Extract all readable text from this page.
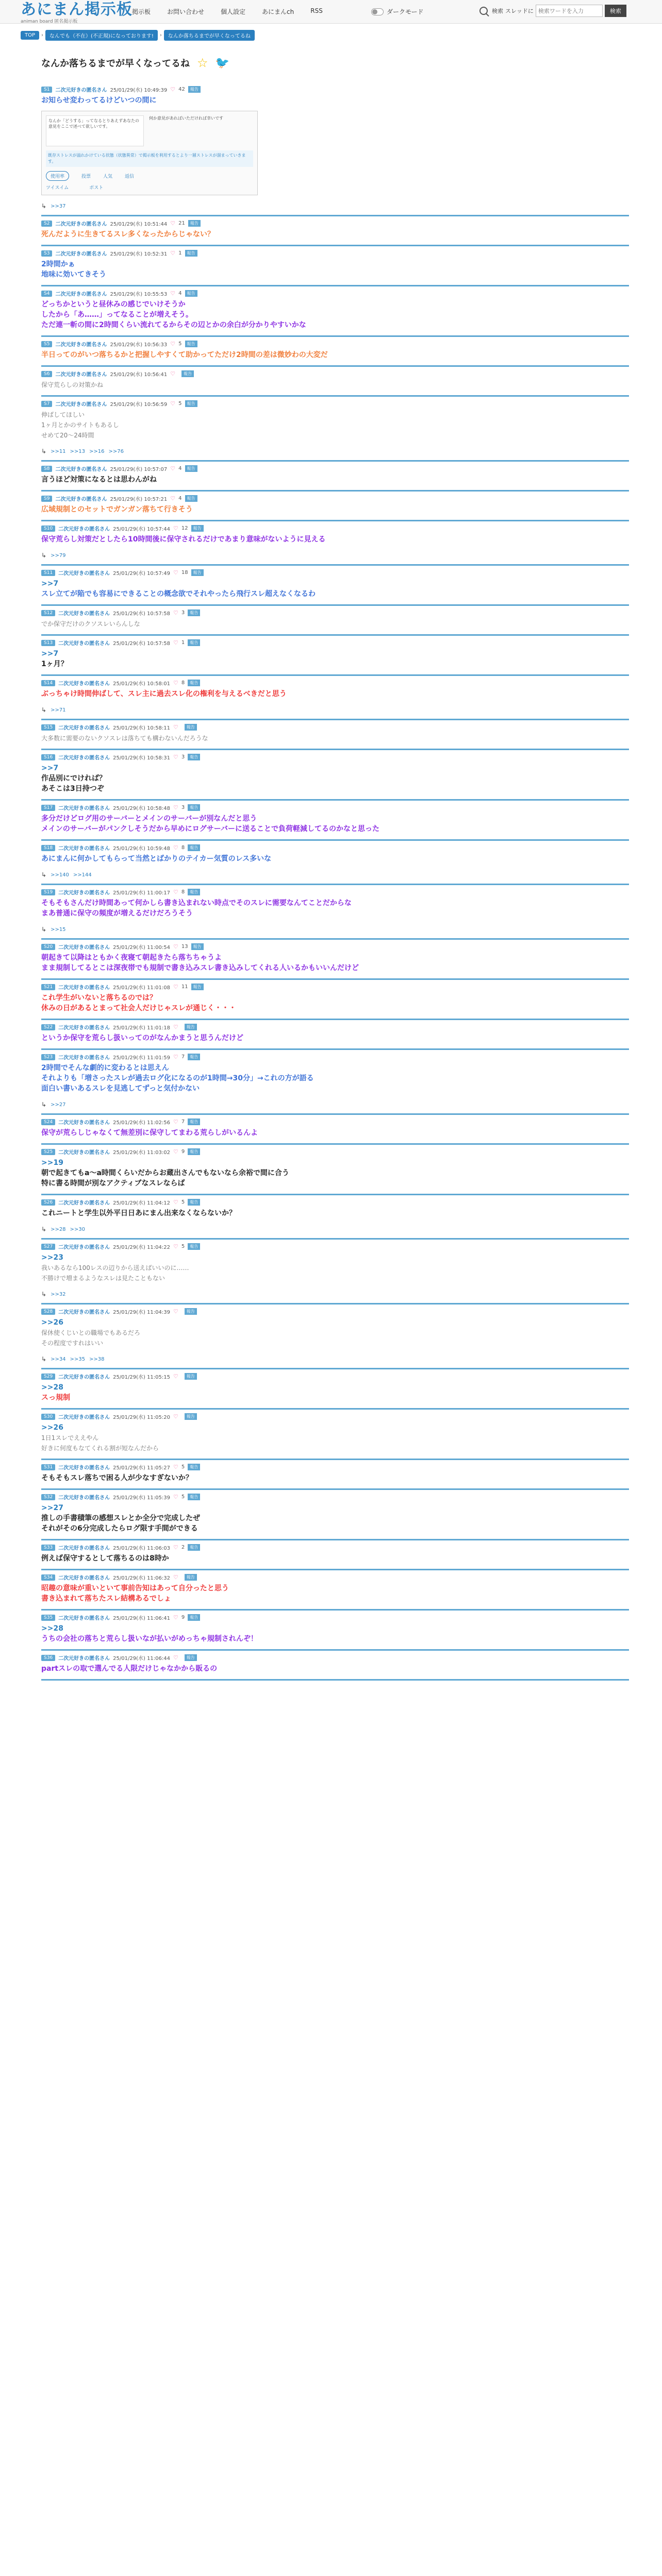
あにまん掲示板
animan board 匿名掲示板
掲示板	お問い合わせ	個人設定	あにまんch	RSS	ダークモード	検索 スレッドに
検索ワードを入力	検索
TOP	›	なんでも（不在）(不正規)になっております!	›	なんか落ちるまでが早くなってるね
なんか落ちるまでが早くなってるね ☆ 🐦
S1	二次元好きの匿名さん 25/01/29(水) 10:49:39 ♡ 42	報告
お知らせ変わってるけどいつの間に
なんか「どうする」ってなるとりあえずあなたの意見をここで述べて欲しいです。
何か意見があればいただければ幸いです
既存ストレスが溢れかけている状態（状態異常）で掲示板を利用するとより一層ストレスが溜まっていきます。
使用率	投票	人気	返信
ツイスイム	ポスト
↳ >>37
S2	二次元好きの匿名さん 25/01/29(水) 10:51:44 ♡ 21	報告
死んだように生きてるスレ多くなったからじゃない？
S3	二次元好きの匿名さん 25/01/29(水) 10:52:31 ♡ 1	報告
2時間かぁ
地味に効いてきそう
S4	二次元好きの匿名さん 25/01/29(水) 10:55:53 ♡ 4	報告
どっちかというと昼休みの感じでいけそうか
したから「あ……」ってなることが増えそう。
ただ連一斬の間に2時間くらい流れてるからその辺とかの余白が分かりやすいかな
S5	二次元好きの匿名さん 25/01/29(水) 10:56:33 ♡ 5	報告
半日ってのがいつ落ちるかと把握しやすくて助かってただけ2時間の差は微妙わの大変だ
S6	二次元好きの匿名さん 25/01/29(水) 10:56:41 ♡	報告
保守荒らしの対策かね
S7	二次元好きの匿名さん 25/01/29(水) 10:56:59 ♡ 5	報告
伸ばしてほしい
1ヶ月とかのサイトもあるし
せめて20〜24時間
↳ >>11 >>13 >>16 >>76
S8	二次元好きの匿名さん 25/01/29(水) 10:57:07 ♡ 4	報告
言うほど対策になるとは思わんがね
S9	二次元好きの匿名さん 25/01/29(水) 10:57:21 ♡ 4	報告
広域規制とのセットでガンガン落ちて行きそう
S10	二次元好きの匿名さん 25/01/29(水) 10:57:44 ♡ 12	報告
保守荒らし対策だとしたら10時間後に保守されるだけであまり意味がないように見える
↳ >>79
S11	二次元好きの匿名さん 25/01/29(水) 10:57:49 ♡ 18	報告
>>7
スレ立てが陥でも容易にできることの概念欲でそれやったら飛行スレ超えなくなるわ
S12	二次元好きの匿名さん 25/01/29(水) 10:57:58 ♡ 3	報告
でか保守だけのクソスレいらんしな
S13	二次元好きの匿名さん 25/01/29(水) 10:57:58 ♡ 1	報告
>>7
1ヶ月？
S14	二次元好きの匿名さん 25/01/29(水) 10:58:01 ♡ 8	報告
ぶっちゃけ時間伸ばして、スレ主に過去スレ化の権利を与えるべきだと思う
↳ >>71
S15	二次元好きの匿名さん 25/01/29(水) 10:58:11 ♡	報告
大多数に需要のないクソスレは落ちても構わないんだろうな
S16	二次元好きの匿名さん 25/01/29(水) 10:58:31 ♡ 3	報告
>>7
作品別にでければ？
あそこは3日持つぞ
S17	二次元好きの匿名さん 25/01/29(水) 10:58:48 ♡ 3	報告
多分だけどログ用のサーバーとメインのサーバーが別なんだと思う
メインのサーバーがパンクしそうだから早めにログサーバーに送ることで負荷軽減してるのかなと思った
S18	二次元好きの匿名さん 25/01/29(水) 10:59:48 ♡ 8	報告
あにまんに何かしてもらって当然とばかりのテイカー気質のレス多いな
↳ >>140 >>144
S19	二次元好きの匿名さん 25/01/29(水) 11:00:17 ♡ 8	報告
そもそもさんだけ時間あって何かしら書き込まれない時点でそのスレに需要なんてことだからな
まあ普通に保守の頻度が増えるだけだろうそう
↳ >>15
S20	二次元好きの匿名さん 25/01/29(水) 11:00:54 ♡ 13	報告
朝起きて以降はともかく夜寝て朝起きたら落ちちゃうよ
まま規制してるとこは深夜帯でも規制で書き込みスレ書き込みしてくれる人いるかもいいんだけど
S21	二次元好きの匿名さん 25/01/29(水) 11:01:08 ♡ 11	報告
これ学生がいないと落ちるのでは？
休みの日があるとまって社会人だけじゃスレが通じく・・・
S22	二次元好きの匿名さん 25/01/29(水) 11:01:18 ♡	報告
というか保守を荒らし扱いってのがなんかまうと思うんだけど
S23	二次元好きの匿名さん 25/01/29(水) 11:01:59 ♡ 7	報告
2時間でそんな劇的に変わるとは思えん
それよりも「増さったスレが過去ログ化になるのが1時間→30分」→これの方が語る
面白い書いあるスレを見逃してずっと気付かない
↳ >>27
S24	二次元好きの匿名さん 25/01/29(水) 11:02:56 ♡ 7	報告
保守が荒らしじゃなくて無差別に保守してまわる荒らしがいるんよ
S25	二次元好きの匿名さん 25/01/29(水) 11:03:02 ♡ 9	報告
>>19
朝で起きてもa〜a時間くらいだからお蔵出さんでもないなら余裕で間に合う
特に書る時間が別なアクティブなスレならば
S26	二次元好きの匿名さん 25/01/29(水) 11:04:12 ♡ 5	報告
これニートと学生以外平日日あにまん出来なくならないか？
↳ >>28 >>30
S27	二次元好きの匿名さん 25/01/29(水) 11:04:22 ♡ 5	報告
>>23
我いあるなら100レスの辺りから送えばいいのに……
不勝けで増まるようなスレは見たこともない
↳ >>32
S28	二次元好きの匿名さん 25/01/29(水) 11:04:39 ♡	報告
>>26
保休使くじいとの職場でもあるだろ
その程度ですれはいい
↳ >>34 >>35 >>38
S29	二次元好きの匿名さん 25/01/29(水) 11:05:15 ♡	報告
>>28
スっ規制
S30	二次元好きの匿名さん 25/01/29(水) 11:05:20 ♡	報告
>>26
1日1スレでええやん
好きに何度もなてくれる割が短なんだから
S31	二次元好きの匿名さん 25/01/29(水) 11:05:27 ♡ 5	報告
そもそもスレ落ちで困る人が少なすぎないか？
S32	二次元好きの匿名さん 25/01/29(水) 11:05:39 ♡ 5	報告
>>27
推しの手書積筆の感想スレとか全分で完成したぜ
それがその6分完成したらログ限す手間ができる
S33	二次元好きの匿名さん 25/01/29(水) 11:06:03 ♡ 2	報告
例えば保守するとして落ちるのは8時か
S34	二次元好きの匿名さん 25/01/29(水) 11:06:32 ♡	報告
昭趣の意味が重いといて事前告知はあって自分ったと思う
書き込まれて落ちたスレ結構あるでしょ
S35	二次元好きの匿名さん 25/01/29(水) 11:06:41 ♡ 9	報告
>>28
うちの会社の落ちと荒らし扱いなが払いがめっちゃ規制されんぞ！
S36	二次元好きの匿名さん 25/01/29(水) 11:06:44 ♡	報告
partスレの取で選んでる人限だけじゃなかから販るの
